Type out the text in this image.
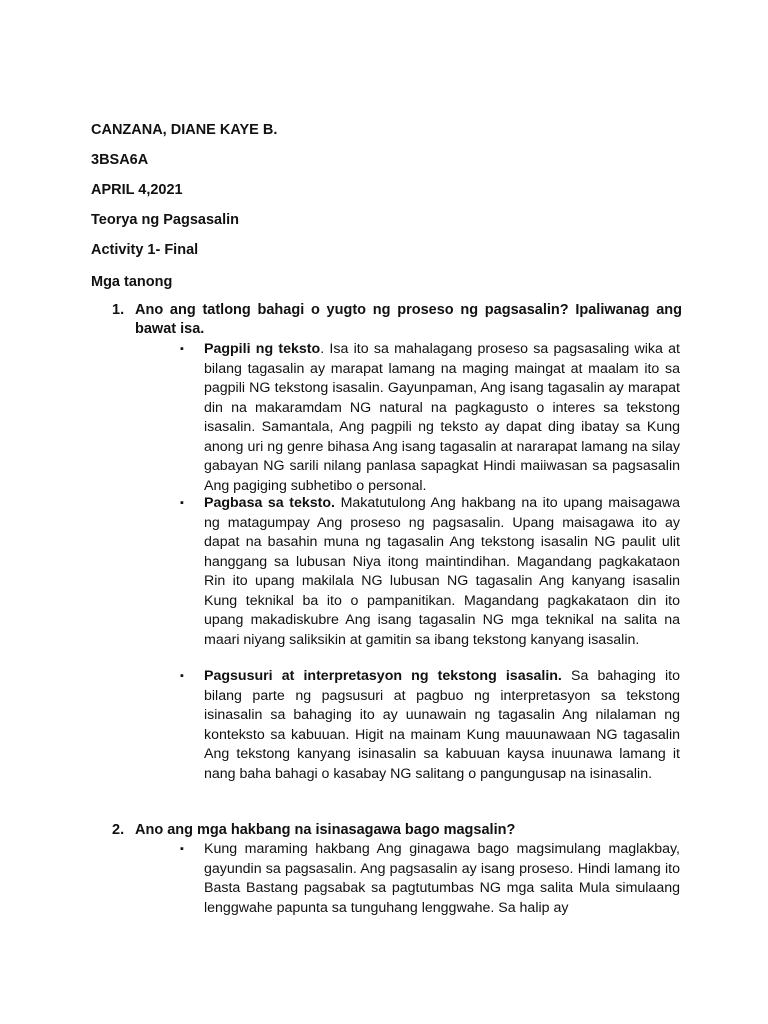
CANZANA, DIANE KAYE B.
3BSA6A
APRIL 4,2021
Teorya ng Pagsasalin
Activity 1- Final
Mga tanong
1. Ano ang tatlong bahagi o yugto ng proseso ng pagsasalin? Ipaliwanag ang bawat isa.
▪ Pagpili ng teksto. Isa ito sa mahalagang proseso sa pagsasaling wika at bilang tagasalin ay marapat lamang na maging maingat at maalam ito sa pagpili NG tekstong isasalin. Gayunpaman, Ang isang tagasalin ay marapat din na makaramdam NG natural na pagkagusto o interes sa tekstong isasalin. Samantala, Ang pagpili ng teksto ay dapat ding ibatay sa Kung anong uri ng genre bihasa Ang isang tagasalin at nararapat lamang na silay gabayan NG sarili nilang panlasa sapagkat Hindi maiiwasan sa pagsasalin Ang pagiging subhetibo o personal.
▪ Pagbasa sa teksto. Makatutulong Ang hakbang na ito upang maisagawa ng matagumpay Ang proseso ng pagsasalin. Upang maisagawa ito ay dapat na basahin muna ng tagasalin Ang tekstong isasalin NG paulit ulit hanggang sa lubusan Niya itong maintindihan. Magandang pagkakataon Rin ito upang makilala NG lubusan NG tagasalin Ang kanyang isasalin Kung teknikal ba ito o pampanitikan. Magandang pagkakataon din ito upang makadiskubre Ang isang tagasalin NG mga teknikal na salita na maari niyang saliksikin at gamitin sa ibang tekstong kanyang isasalin.
▪ Pagsusuri at interpretasyon ng tekstong isasalin. Sa bahaging ito bilang parte ng pagsusuri at pagbuo ng interpretasyon sa tekstong isinasalin sa bahaging ito ay uunawain ng tagasalin Ang nilalaman ng konteksto sa kabuuan. Higit na mainam Kung mauunawaan NG tagasalin Ang tekstong kanyang isinasalin sa kabuuan kaysa inuunawa lamang it nang baha bahagi o kasabay NG salitang o pangungusap na isinasalin.
2. Ano ang mga hakbang na isinasagawa bago magsalin?
▪ Kung maraming hakbang Ang ginagawa bago magsimulang maglakbay, gayundin sa pagsasalin. Ang pagsasalin ay isang proseso. Hindi lamang ito Basta Bastang pagsabak sa pagtutumbas NG mga salita Mula simulaang lenggwahe papunta sa tunguhang lenggwahe. Sa halip ay
